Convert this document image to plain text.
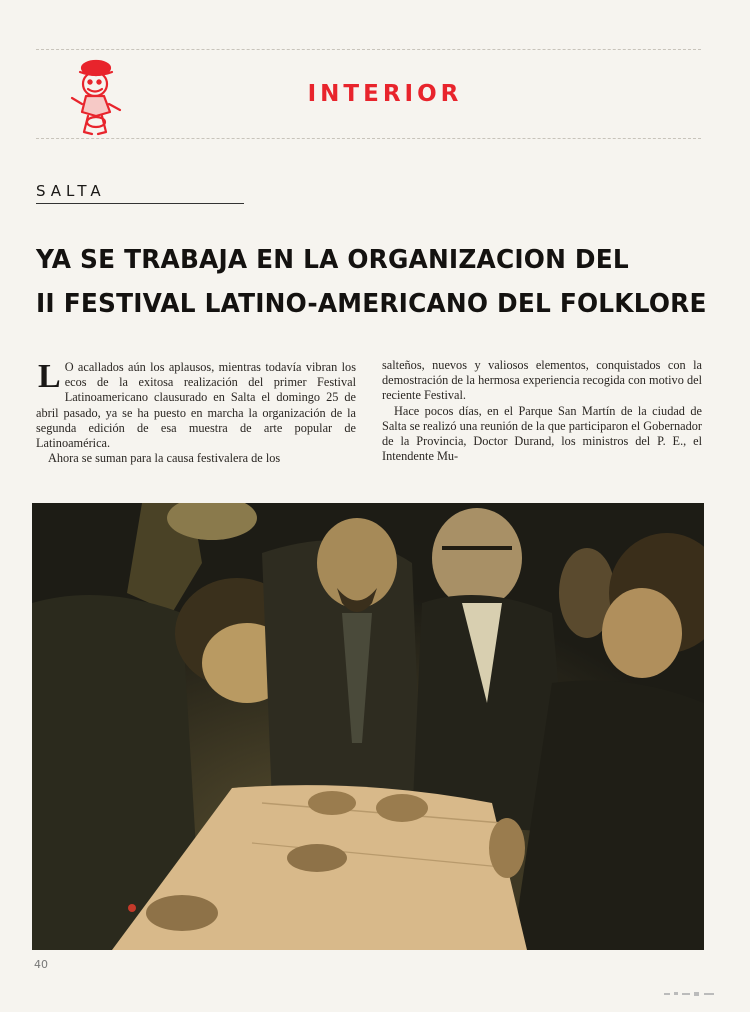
INTERIOR
SALTA
YA SE TRABAJA EN LA ORGANIZACION DEL
II FESTIVAL LATINO-AMERICANO DEL FOLKLORE

L O acallados aún los aplausos, mientras todavía vibran los ecos de la exitosa realización del primer Festival Latinoamericano clausurado en Salta el domingo 25 de abril pasado, ya se ha puesto en marcha la organización de la segunda edición de esa muestra de arte popular de Latinoamérica.

Ahora se suman para la causa festivalera de los

salteños, nuevos y valiosos elementos, conquistados con la demostración de la hermosa experiencia recogida con motivo del reciente Festival.

Hace pocos días, en el Parque San Martín de la ciudad de Salta se realizó una reunión de la que participaron el Gobernador de la Provincia, Doctor Durand, los ministros del P. E., el Intendente Mu-

40
